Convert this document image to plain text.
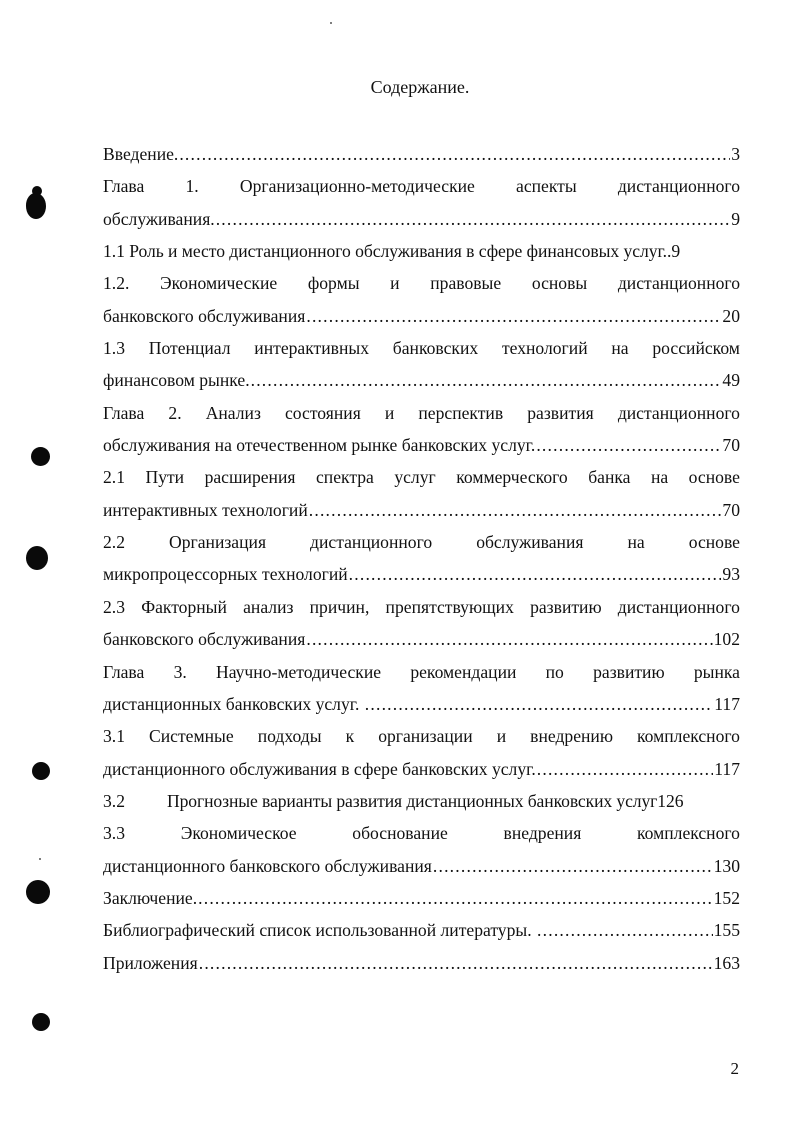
Содержание.
Введение. . . .	3
Глава 1. Организационно-методические аспекты дистанционного
обслуживания. . . .	9
1.1 Роль и место дистанционного обслуживания в сфере финансовых услуг. .9
1.2. Экономические формы и правовые основы дистанционного
банковского обслуживания . . .	20
1.3 Потенциал интерактивных банковских технологий на российском
финансовом рынке. . . .	49
Глава 2. Анализ состояния и перспектив развития дистанционного
обслуживания на отечественном рынке банковских услуг. . . .	70
2.1 Пути расширения спектра услуг коммерческого банка на основе
интерактивных технологий . . .	70
2.2	Организация	дистанционного	обслуживания	на	основе
микропроцессорных технологий . . .	93
2.3 Факторный анализ причин, препятствующих развитию дистанционного
банковского обслуживания . . .	102
Глава 3. Научно-методические рекомендации по развитию рынка
дистанционных банковских услуг. . . .	117
3.1 Системные подходы к организации и внедрению комплексного
дистанционного обслуживания в сфере банковских услуг. . . .	117
3.2	Прогнозные варианты развития дистанционных банковских услуг126
3.3	Экономическое	обоснование	внедрения	комплексного
дистанционного банковского обслуживания . . .	130
Заключение. . . .	152
Библиографический список использованной литературы. . . .	155
Приложения . . .	163
2
